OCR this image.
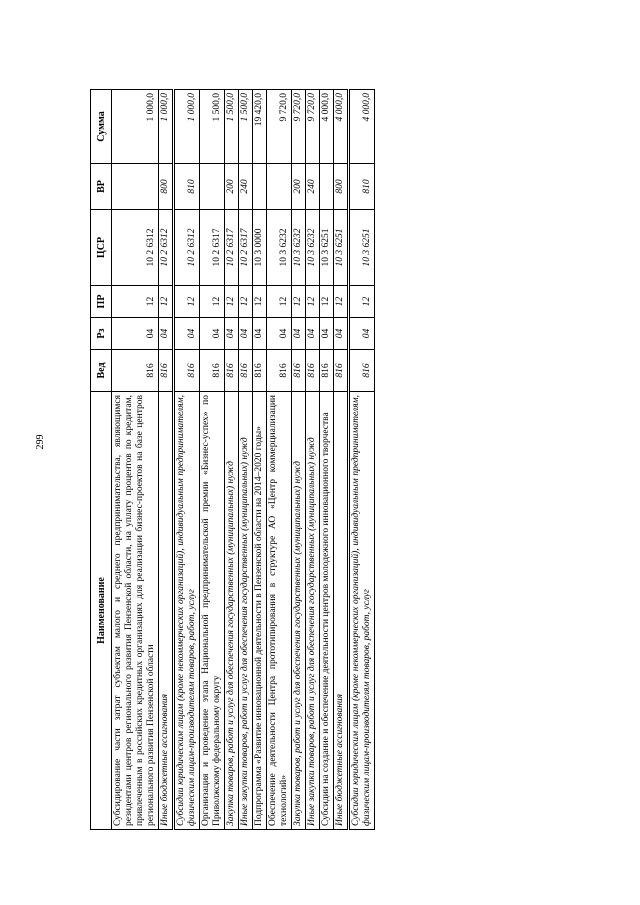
299
Наименование	Вед	Рз	ПР	ЦСР	ВР	Сумма
Субсидирование части затрат субъектам малого и среднего предпринимательства, являющимся резидентами центров регионального развития Пензенской области, на уплату процентов по кредитам, привлеченным в российских кредитных организациях для реализации бизнес-проектов на базе центров регионального развития Пензенской области	816	04	12	10 2 6312		1 000,0
Иные бюджетные ассигнования	816	04	12	10 2 6312	800	1 000,0
Субсидии юридическим лицам (кроме некоммерческих организаций), индивидуальным предпринимателям, физическим лицам-производителям товаров, работ, услуг	816	04	12	10 2 6312	810	1 000,0
Организация и проведение этапа Национальной предпринимательской премии «Бизнес-успех» по Приволжскому федеральному округу	816	04	12	10 2 6317		1 500,0
Закупка товаров, работ и услуг для обеспечения государственных (муниципальных) нужд	816	04	12	10 2 6317	200	1 500,0
Иные закупки товаров, работ и услуг для обеспечения государственных (муниципальных) нужд	816	04	12	10 2 6317	240	1 500,0
Подпрограмма «Развитие инновационной деятельности в Пензенской области на 2014–2020 годы»	816	04	12	10 3 0000		19 420,0
Обеспечение деятельности Центра прототипирования в структуре АО «Центр коммерциализации технологий»	816	04	12	10 3 6232		9 720,0
Закупка товаров, работ и услуг для обеспечения государственных (муниципальных) нужд	816	04	12	10 3 6232	200	9 720,0
Иные закупки товаров, работ и услуг для обеспечения государственных (муниципальных) нужд	816	04	12	10 3 6232	240	9 720,0
Субсидии на создание и обеспечение деятельности центров молодежного инновационного творчества	816	04	12	10 3 6251		4 000,0
Иные бюджетные ассигнования	816	04	12	10 3 6251	800	4 000,0
Субсидии юридическим лицам (кроме некоммерческих организаций), индивидуальным предпринимателям, физическим лицам-производителям товаров, работ, услуг	816	04	12	10 3 6251	810	4 000,0
